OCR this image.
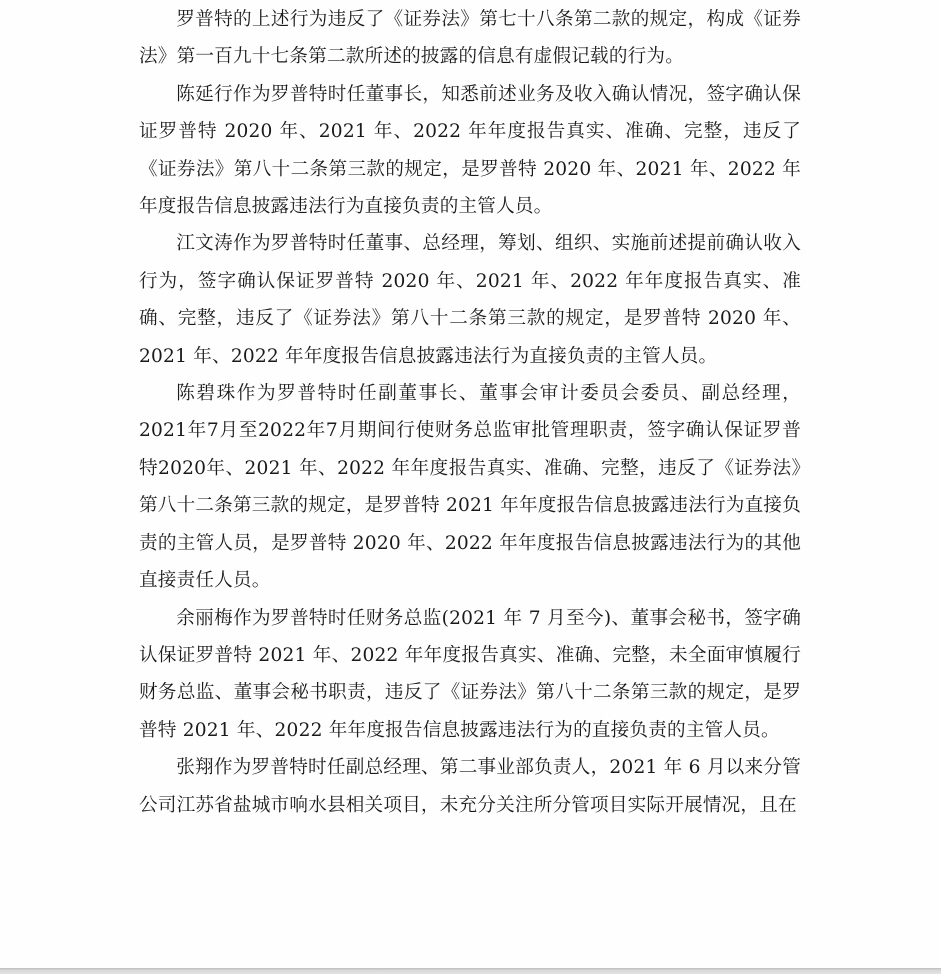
罗普特的上述行为违反了《证券法》第七十八条第二款的规定，构成《证券法》第一百九十七条第二款所述的披露的信息有虚假记载的行为。

陈延行作为罗普特时任董事长，知悉前述业务及收入确认情况，签字确认保证罗普特 2020 年、2021 年、2022 年年度报告真实、准确、完整，违反了《证券法》第八十二条第三款的规定，是罗普特 2020 年、2021 年、2022 年年度报告信息披露违法行为直接负责的主管人员。

江文涛作为罗普特时任董事、总经理，筹划、组织、实施前述提前确认收入行为，签字确认保证罗普特 2020 年、2021 年、2022 年年度报告真实、准确、完整，违反了《证券法》第八十二条第三款的规定，是罗普特 2020 年、2021 年、2022 年年度报告信息披露违法行为直接负责的主管人员。

陈碧珠作为罗普特时任副董事长、董事会审计委员会委员、副总经理，2021年7月至2022年7月期间行使财务总监审批管理职责，签字确认保证罗普特2020年、2021 年、2022 年年度报告真实、准确、完整，违反了《证券法》第八十二条第三款的规定，是罗普特 2021 年年度报告信息披露违法行为直接负责的主管人员，是罗普特 2020 年、2022 年年度报告信息披露违法行为的其他直接责任人员。

余丽梅作为罗普特时任财务总监(2021 年 7 月至今)、董事会秘书，签字确认保证罗普特 2021 年、2022 年年度报告真实、准确、完整，未全面审慎履行财务总监、董事会秘书职责，违反了《证券法》第八十二条第三款的规定，是罗普特 2021 年、2022 年年度报告信息披露违法行为的直接负责的主管人员。

张翔作为罗普特时任副总经理、第二事业部负责人，2021 年 6 月以来分管公司江苏省盐城市响水县相关项目，未充分关注所分管项目实际开展情况，且在
